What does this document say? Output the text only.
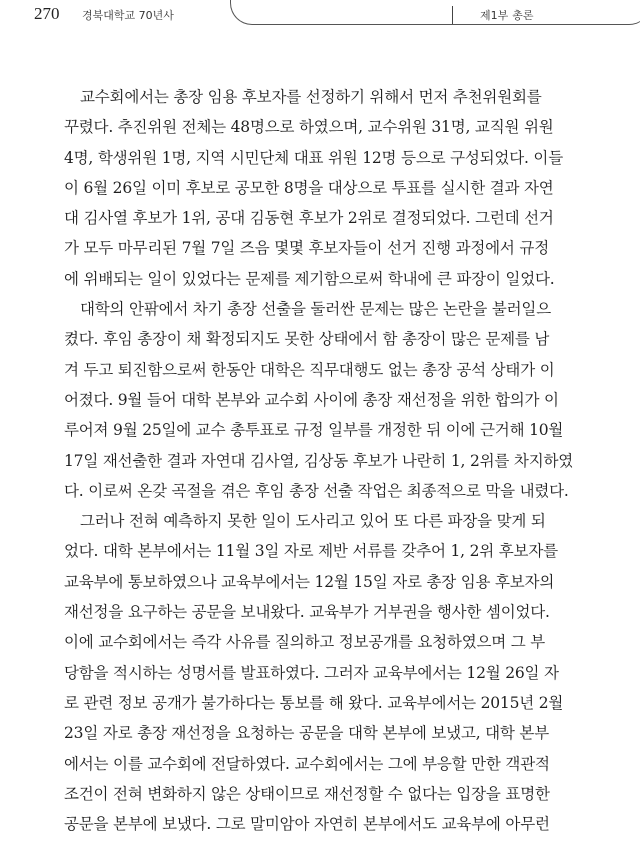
270 경북대학교 70년사	제1부 총론
교수회에서는 총장 임용 후보자를 선정하기 위해서 먼저 추천위원회를
꾸렸다. 추진위원 전체는 48명으로 하였으며, 교수위원 31명, 교직원 위원
4명, 학생위원 1명, 지역 시민단체 대표 위원 12명 등으로 구성되었다. 이들
이 6월 26일 이미 후보로 공모한 8명을 대상으로 투표를 실시한 결과 자연
대 김사열 후보가 1위, 공대 김동현 후보가 2위로 결정되었다. 그런데 선거
가 모두 마무리된 7월 7일 즈음 몇몇 후보자들이 선거 진행 과정에서 규정
에 위배되는 일이 있었다는 문제를 제기함으로써 학내에 큰 파장이 일었다.
대학의 안팎에서 차기 총장 선출을 둘러싼 문제는 많은 논란을 불러일으
켰다. 후임 총장이 채 확정되지도 못한 상태에서 함 총장이 많은 문제를 남
겨 두고 퇴진함으로써 한동안 대학은 직무대행도 없는 총장 공석 상태가 이
어졌다. 9월 들어 대학 본부와 교수회 사이에 총장 재선정을 위한 합의가 이
루어져 9월 25일에 교수 총투표로 규정 일부를 개정한 뒤 이에 근거해 10월
17일 재선출한 결과 자연대 김사열, 김상동 후보가 나란히 1, 2위를 차지하였
다. 이로써 온갖 곡절을 겪은 후임 총장 선출 작업은 최종적으로 막을 내렸다.
그러나 전혀 예측하지 못한 일이 도사리고 있어 또 다른 파장을 맞게 되
었다. 대학 본부에서는 11월 3일 자로 제반 서류를 갖추어 1, 2위 후보자를
교육부에 통보하였으나 교육부에서는 12월 15일 자로 총장 임용 후보자의
재선정을 요구하는 공문을 보내왔다. 교육부가 거부권을 행사한 셈이었다.
이에 교수회에서는 즉각 사유를 질의하고 정보공개를 요청하였으며 그 부
당함을 적시하는 성명서를 발표하였다. 그러자 교육부에서는 12월 26일 자
로 관련 정보 공개가 불가하다는 통보를 해 왔다. 교육부에서는 2015년 2월
23일 자로 총장 재선정을 요청하는 공문을 대학 본부에 보냈고, 대학 본부
에서는 이를 교수회에 전달하였다. 교수회에서는 그에 부응할 만한 객관적
조건이 전혀 변화하지 않은 상태이므로 재선정할 수 없다는 입장을 표명한
공문을 본부에 보냈다. 그로 말미암아 자연히 본부에서도 교육부에 아무런
